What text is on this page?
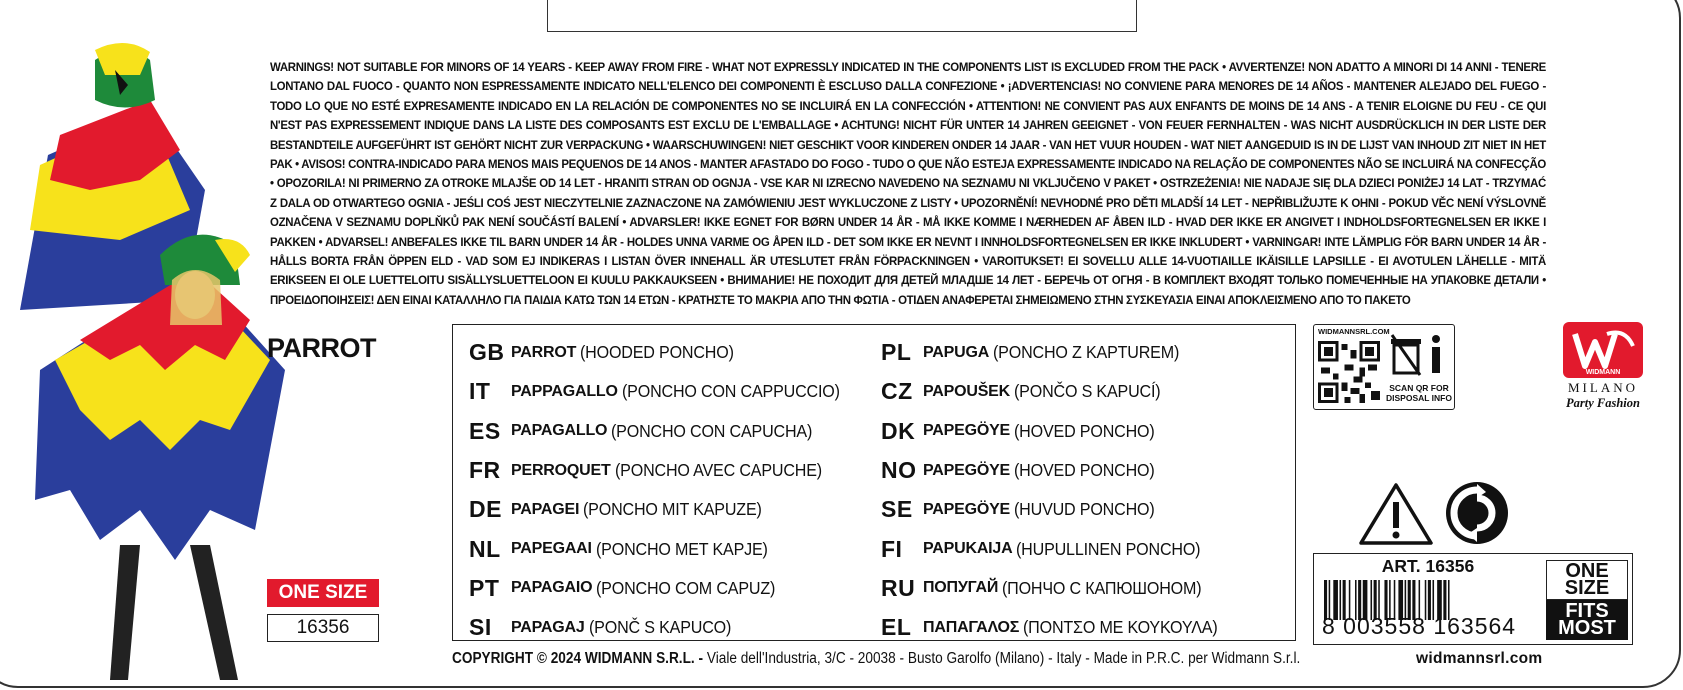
WARNINGS! NOT SUITABLE FOR MINORS OF 14 YEARS - KEEP AWAY FROM FIRE - WHAT NOT EXPRESSLY INDICATED IN THE COMPONENTS LIST IS EXCLUDED FROM THE PACK • AVVERTENZE! NON ADATTO A MINORI DI 14 ANNI - TENERE LONTANO DAL FUOCO - QUANTO NON ESPRESSAMENTE INDICATO NELL'ELENCO DEI COMPONENTI È ESCLUSO DALLA CONFEZIONE • ¡ADVERTENCIAS! NO CONVIENE PARA MENORES DE 14 AÑOS - MANTENER ALEJADO DEL FUEGO - TODO LO QUE NO ESTÉ EXPRESAMENTE INDICADO EN LA RELACIÓN DE COMPONENTES NO SE INCLUIRÁ EN LA CONFECCIÓN • ATTENTION! NE CONVIENT PAS AUX ENFANTS DE MOINS DE 14 ANS - A TENIR ELOIGNE DU FEU - CE QUI N'EST PAS EXPRESSEMENT INDIQUE DANS LA LISTE DES COMPOSANTS EST EXCLU DE L'EMBALLAGE • ACHTUNG! NICHT FÜR UNTER 14 JAHREN GEEIGNET - VON FEUER FERNHALTEN - WAS NICHT AUSDRÜCKLICH IN DER LISTE DER BESTANDTEILE AUFGEFÜHRT IST GEHÖRT NICHT ZUR VERPACKUNG • WAARSCHUWINGEN! NIET GESCHIKT VOOR KINDEREN ONDER 14 JAAR - VAN HET VUUR HOUDEN - WAT NIET AANGEDUID IS IN DE LIJST VAN INHOUD ZIT NIET IN HET PAK • AVISOS! CONTRA-INDICADO PARA MENOS MAIS PEQUENOS DE 14 ANOS - MANTER AFASTADO DO FOGO - TUDO O QUE NÃO ESTEJA EXPRESSAMENTE INDICADO NA RELAÇÃO DE COMPONENTES NÃO SE INCLUIRÁ NA CONFECÇÃO • OPOZORILA! NI PRIMERNO ZA OTROKE MLAJŠE OD 14 LET - HRANITI STRAN OD OGNJA - VSE KAR NI IZRECNO NAVEDENO NA SEZNAMU NI VKLJUČENO V PAKET • OSTRZEŻENIA! NIE NADAJE SIĘ DLA DZIECI PONIŻEJ 14 LAT - TRZYMAĆ Z DALA OD OTWARTEGO OGNIA - JEŚLI COŚ JEST NIECZYTELNIE ZAZNACZONE NA ZAMÓWIENIU JEST WYKLUCZONE Z LISTY • UPOZORNĚNÍ! NEVHODNÉ PRO DĚTI MLADŠÍ 14 LET - NEPŘIBLIŽUJTE K OHNI - POKUD VĚC NENÍ VÝSLOVNĚ OZNAČENA V SEZNAMU DOPLŇKŮ PAK NENÍ SOUČÁSTÍ BALENÍ • ADVARSLER! IKKE EGNET FOR BØRN UNDER 14 ÅR - MÅ IKKE KOMME I NÆRHEDEN AF ÅBEN ILD - HVAD DER IKKE ER ANGIVET I INDHOLDSFORTEGNELSEN ER IKKE I PAKKEN • ADVARSEL! ANBEFALES IKKE TIL BARN UNDER 14 ÅR - HOLDES UNNA VARME OG ÅPEN ILD - DET SOM IKKE ER NEVNT I INNHOLDSFORTEGNELSEN ER IKKE INKLUDERT • VARNINGAR! INTE LÄMPLIG FÖR BARN UNDER 14 ÅR - HÅLLS BORTA FRÅN ÖPPEN ELD - VAD SOM EJ INDIKERAS I LISTAN ÖVER INNEHALL ÄR UTESLUTET FRÅN FÖRPACKNINGEN • VAROITUKSET! EI SOVELLU ALLE 14-VUOTIAILLE IKÄISILLE LAPSILLE - EI AVOTULEN LÄHELLE - MITÄ ERIKSEEN EI OLE LUETTELOITU SISÄLLYSLUETTELOON EI KUULU PAKKAUKSEEN • ВНИМАНИЕ! НЕ ПОХОДИТ ДЛЯ ДЕТЕЙ МЛАДШЕ 14 ЛЕТ - БЕРЕЧЬ ОТ ОГНЯ - В КОМПЛЕКТ ВХОДЯТ ТОЛЬКО ПОМЕЧЕННЫЕ НА УПАКОВКЕ ДЕТАЛИ • ΠΡΟΕΙΔΟΠΟΙΗΣΕΙΣ! ΔΕΝ ΕΙΝΑΙ ΚΑΤΑΛΛΗΛΟ ΓΙΑ ΠΑΙΔΙΑ ΚΑΤΩ ΤΩΝ 14 ΕΤΩΝ - ΚΡΑΤΗΣΤΕ ΤΟ ΜΑΚΡΙΑ ΑΠΟ ΤΗΝ ΦΩΤΙΑ - ΟΤΙΔΕΝ ΑΝΑΦΕΡΕΤΑΙ ΣΗΜΕΙΩΜΕΝΟ ΣΤΗΝ ΣΥΣΚΕΥΑΣΙΑ ΕΙΝΑΙ ΑΠΟΚΛΕΙΣΜΕΝΟ ΑΠΟ ΤΟ ΠΑΚΕΤΟ

PARROT
ONE SIZE
16356
GB PARROT (HOODED PONCHO)
IT	PAPPAGALLO (PONCHO CON CAPPUCCIO)
ES PAPAGALLO (PONCHO CON CAPUCHA)
FR PERROQUET (PONCHO AVEC CAPUCHE)
DE PAPAGEI (PONCHO MIT KAPUZE)
NL PAPEGAAI (PONCHO MET KAPJE)
PT PAPAGAIO (PONCHO COM CAPUZ)
SI	PAPAGAJ (PONČ S KAPUCO)
PL PAPUGA (PONCHO Z KAPTUREM)
CZ PAPOUŠEK (PONČO S KAPUCÍ)
DK PAPEGÖYE (HOVED PONCHO)
NO PAPEGÖYE (HOVED PONCHO)
SE PAPEGÖYE (HUVUD PONCHO)
FI	PAPUKAIJA (HUPULLINEN PONCHO)
RU ПОПУГАЙ (ПОНЧО С КАПЮШОНОМ)
EL ΠΑΠΑΓΑΛΟΣ (ΠΟΝΤΣΟ ΜΕ ΚΟΥΚΟΥΛΑ)
COPYRIGHT © 2024 WIDMANN S.R.L. - Viale dell'Industria, 3/C - 20038 - Busto Garolfo (Milano) - Italy - Made in P.R.C. per Widmann S.r.l.
WIDMANNSRL.COM
SCAN QR FOR DISPOSAL INFO
WIDMANN
MILANO
Party Fashion
ART. 16356
8 003558 163564
ONE
SIZE
FITS
MOST
widmannsrl.com
